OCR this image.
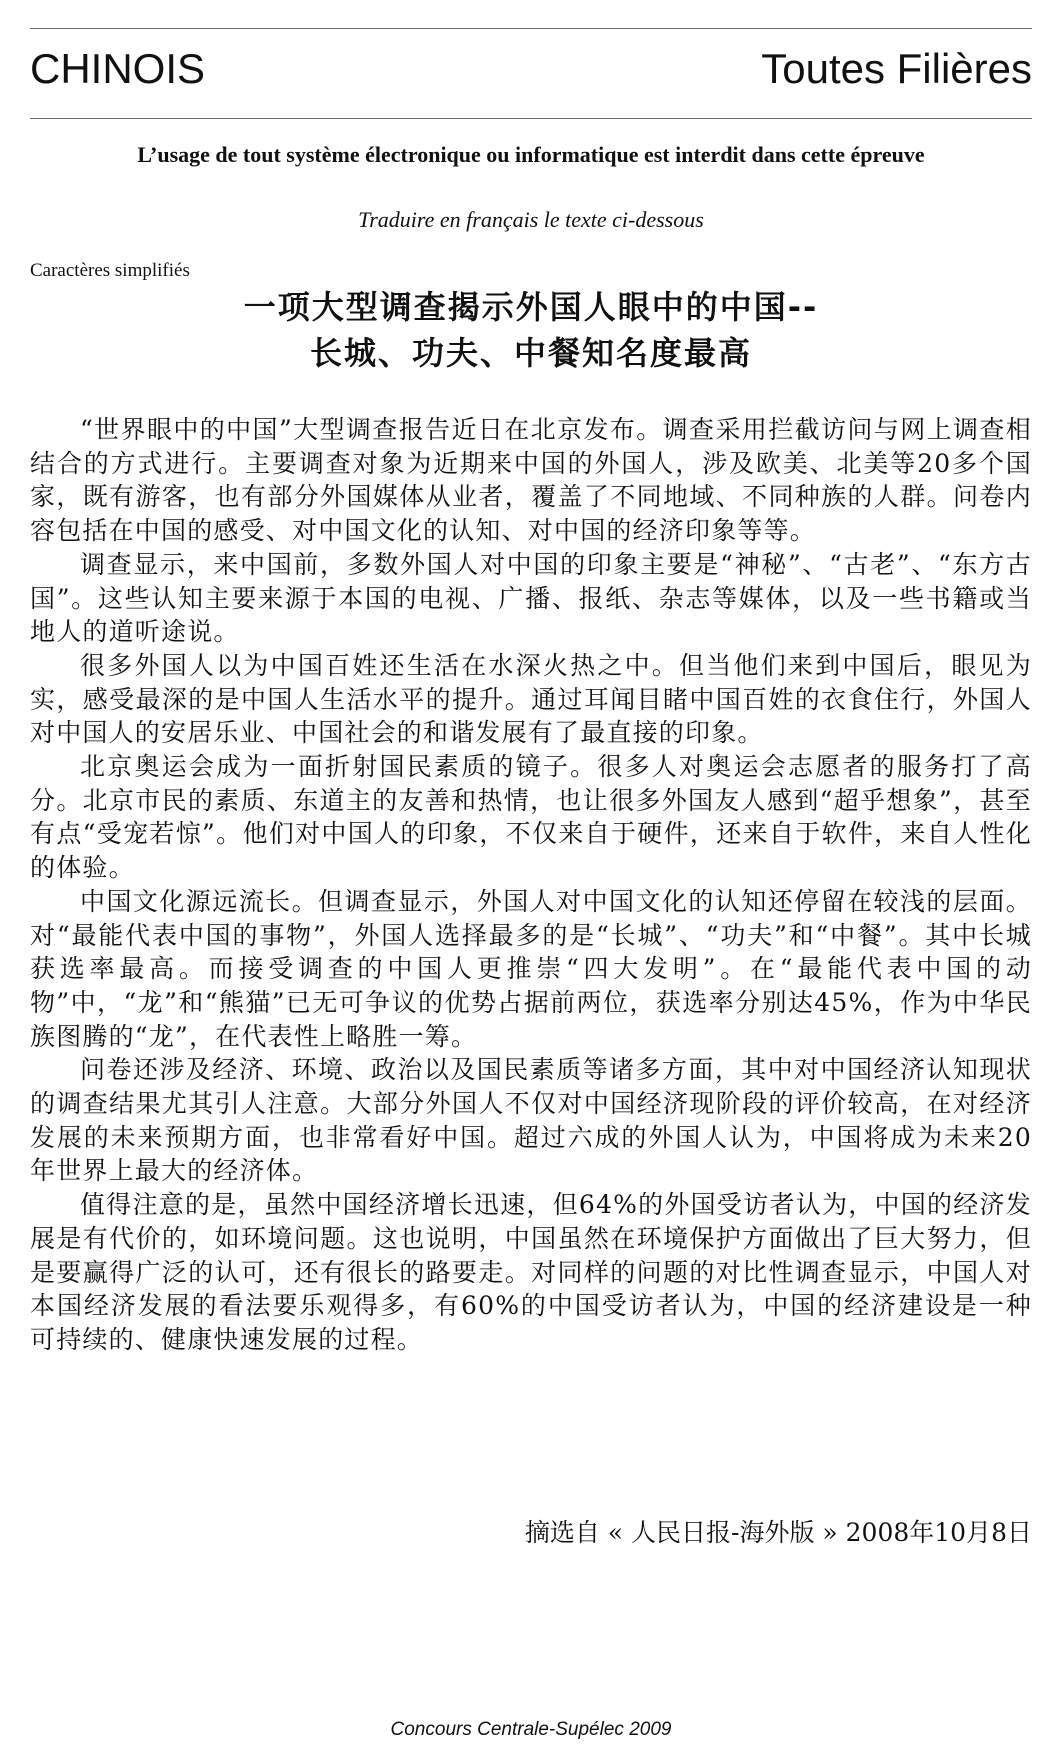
CHINOIS	Toutes Filières
L’usage de tout système électronique ou informatique est interdit dans cette épreuve
Traduire en français le texte ci-dessous
Caractères simplifiés
一项大型调查揭示外国人眼中的中国--
长城、功夫、中餐知名度最高

“世界眼中的中国”大型调查报告近日在北京发布。调查采用拦截访问与网上调查相结合的方式进行。主要调查对象为近期来中国的外国人，涉及欧美、北美等20多个国家，既有游客，也有部分外国媒体从业者，覆盖了不同地域、不同种族的人群。问卷内容包括在中国的感受、对中国文化的认知、对中国的经济印象等等。

调查显示，来中国前，多数外国人对中国的印象主要是“神秘”、“古老”、“东方古国”。这些认知主要来源于本国的电视、广播、报纸、杂志等媒体，以及一些书籍或当地人的道听途说。

很多外国人以为中国百姓还生活在水深火热之中。但当他们来到中国后，眼见为实，感受最深的是中国人生活水平的提升。通过耳闻目睹中国百姓的衣食住行，外国人对中国人的安居乐业、中国社会的和谐发展有了最直接的印象。

北京奥运会成为一面折射国民素质的镜子。很多人对奥运会志愿者的服务打了高分。北京市民的素质、东道主的友善和热情，也让很多外国友人感到“超乎想象”，甚至有点“受宠若惊”。他们对中国人的印象，不仅来自于硬件，还来自于软件，来自人性化的体验。

中国文化源远流长。但调查显示，外国人对中国文化的认知还停留在较浅的层面。对“最能代表中国的事物”，外国人选择最多的是“长城”、“功夫”和“中餐”。其中长城获选率最高。而接受调查的中国人更推崇“四大发明”。在“最能代表中国的动物”中，“龙”和“熊猫”已无可争议的优势占据前两位，获选率分别达45%，作为中华民族图腾的“龙”，在代表性上略胜一筹。

问卷还涉及经济、环境、政治以及国民素质等诸多方面，其中对中国经济认知现状的调查结果尤其引人注意。大部分外国人不仅对中国经济现阶段的评价较高，在对经济发展的未来预期方面，也非常看好中国。超过六成的外国人认为，中国将成为未来20年世界上最大的经济体。

值得注意的是，虽然中国经济增长迅速，但64%的外国受访者认为，中国的经济发展是有代价的，如环境问题。这也说明，中国虽然在环境保护方面做出了巨大努力，但是要赢得广泛的认可，还有很长的路要走。对同样的问题的对比性调查显示，中国人对本国经济发展的看法要乐观得多，有60%的中国受访者认为，中国的经济建设是一种可持续的、健康快速发展的过程。

摘选自 « 人民日报-海外版 » 2008年10月8日
Concours Centrale-Supélec 2009
